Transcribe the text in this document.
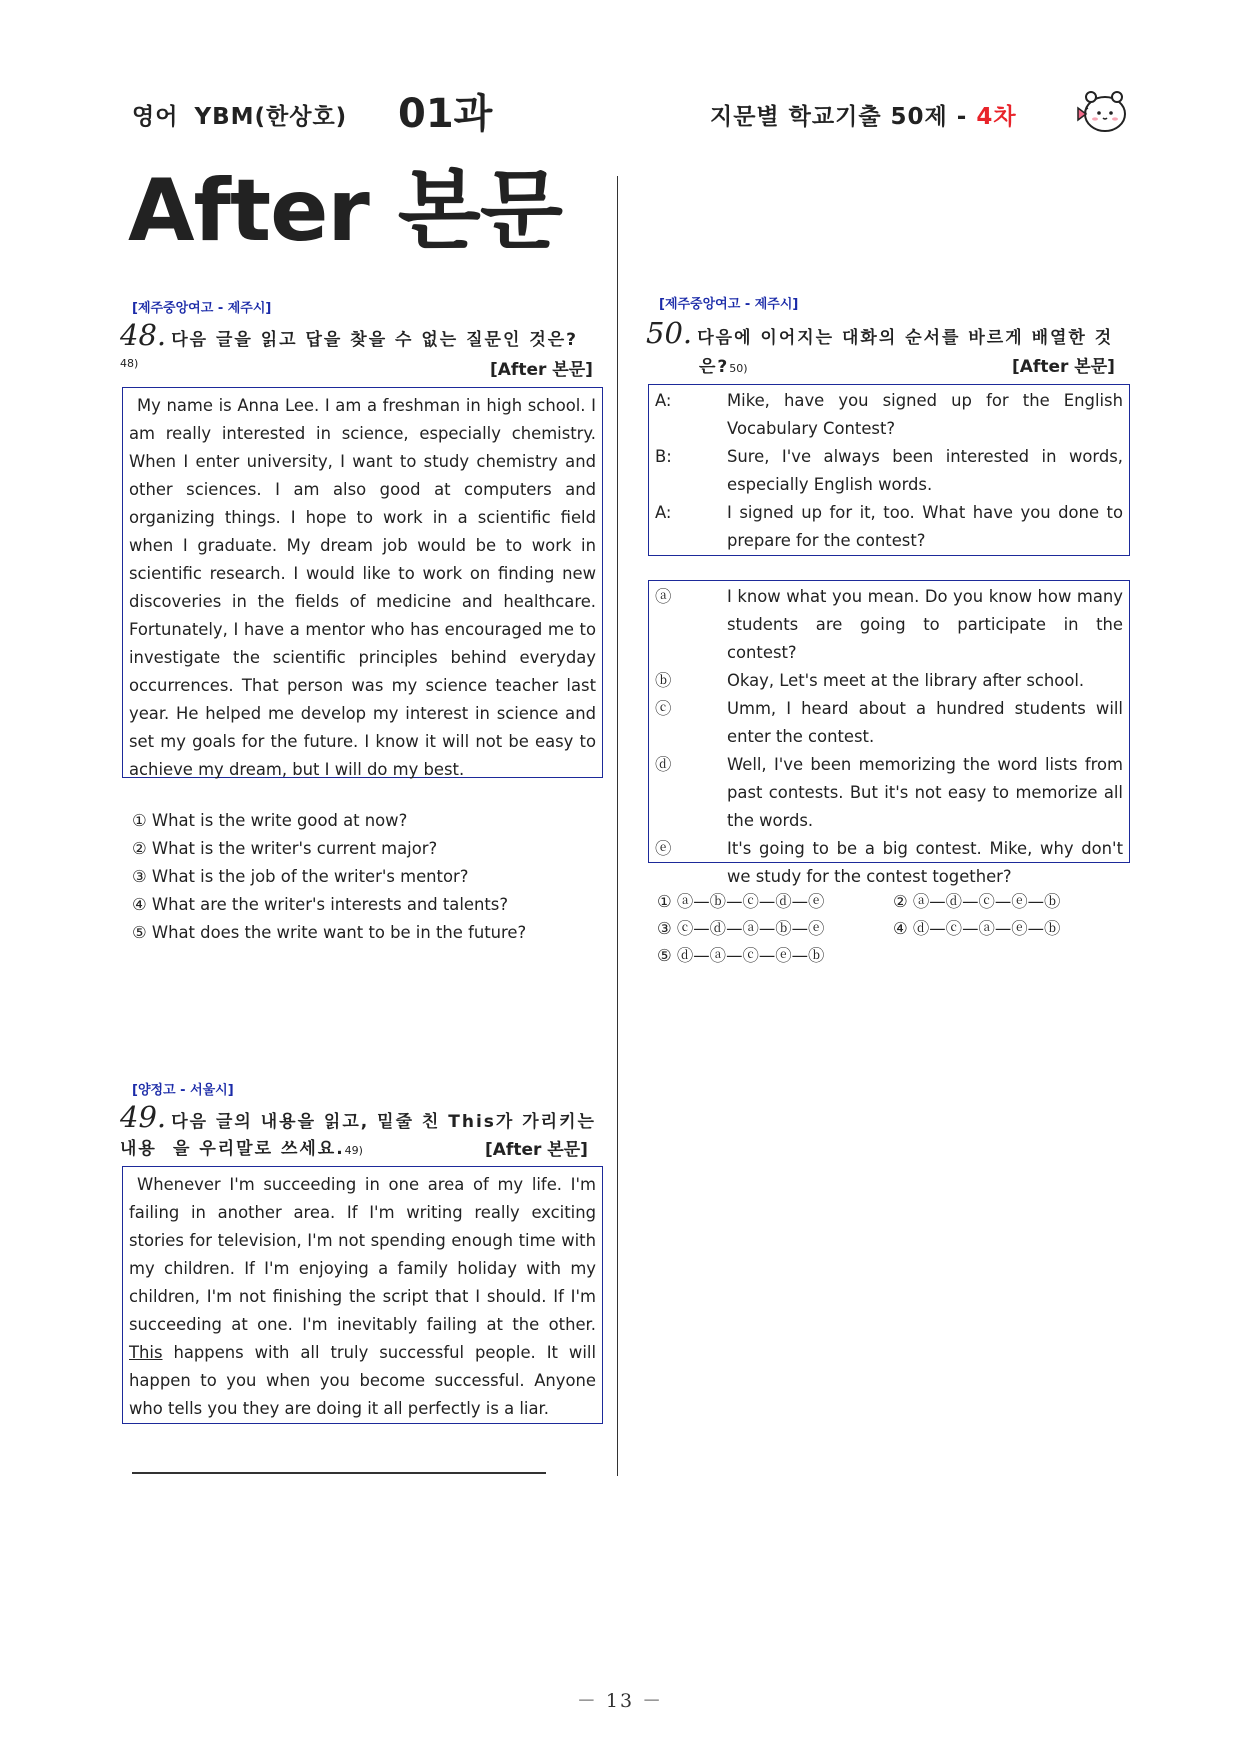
영어 YBM(한상호) 01과	지문별 학교기출 50제 - 4차
After 본문
[제주중앙여고 - 제주시]
48. 다음 글을 읽고 답을 찾을 수 없는 질문인 것은?48)	[After 본문]

My name is Anna Lee. I am a freshman in high school. I am really interested in science, especially chemistry. When I enter university, I want to study chemistry and other sciences. I am also good at computers and organizing things. I hope to work in a scientific field when I graduate. My dream job would be to work in scientific research. I would like to work on finding new discoveries in the fields of medicine and healthcare. Fortunately, I have a mentor who has encouraged me to investigate the scientific principles behind everyday occurrences. That person was my science teacher last year. He helped me develop my interest in science and set my goals for the future. I know it will not be easy to achieve my dream, but I will do my best.

① What is the write good at now?
② What is the writer's current major?
③ What is the job of the writer's mentor?
④ What are the writer's interests and talents?
⑤ What does the write want to be in the future?
[양정고 - 서울시]
49. 다음 글의 내용을 읽고, 밑줄 친 This가 가리키는 내용 을 우리말로 쓰세요.49)	[After 본문]

Whenever I'm succeeding in one area of my life. I'm failing in another area. If I'm writing really exciting stories for television, I'm not spending enough time with my children. If I'm enjoying a family holiday with my children, I'm not finishing the script that I should. If I'm succeeding at one. I'm inevitably failing at the other. This happens with all truly successful people. It will happen to you when you become successful. Anyone who tells you they are doing it all perfectly is a liar.

[제주중앙여고 - 제주시]
50. 다음에 이어지는 대화의 순서를 바르게 배열한 것
은?50)	[After 본문]
A:	Mike, have you signed up for the English Vocabulary Contest?
B:	Sure, I've always been interested in words, especially English words.
A:	I signed up for it, too. What have you done to prepare for the contest?
ⓐ	I know what you mean. Do you know how many students are going to participate in the contest?
ⓑ	Okay, Let's meet at the library after school.
ⓒ	Umm, I heard about a hundred students will enter the contest.
ⓓ	Well, I've been memorizing the word lists from past contests. But it's not easy to memorize all the words.
ⓔ	It's going to be a big contest. Mike, why don't we study for the contest together?
① ⓐ—ⓑ—ⓒ—ⓓ—ⓔ	② ⓐ—ⓓ—ⓒ—ⓔ—ⓑ
③ ⓒ—ⓓ—ⓐ—ⓑ—ⓔ	④ ⓓ—ⓒ—ⓐ—ⓔ—ⓑ
⑤ ⓓ—ⓐ—ⓒ—ⓔ—ⓑ
－ 13 －
